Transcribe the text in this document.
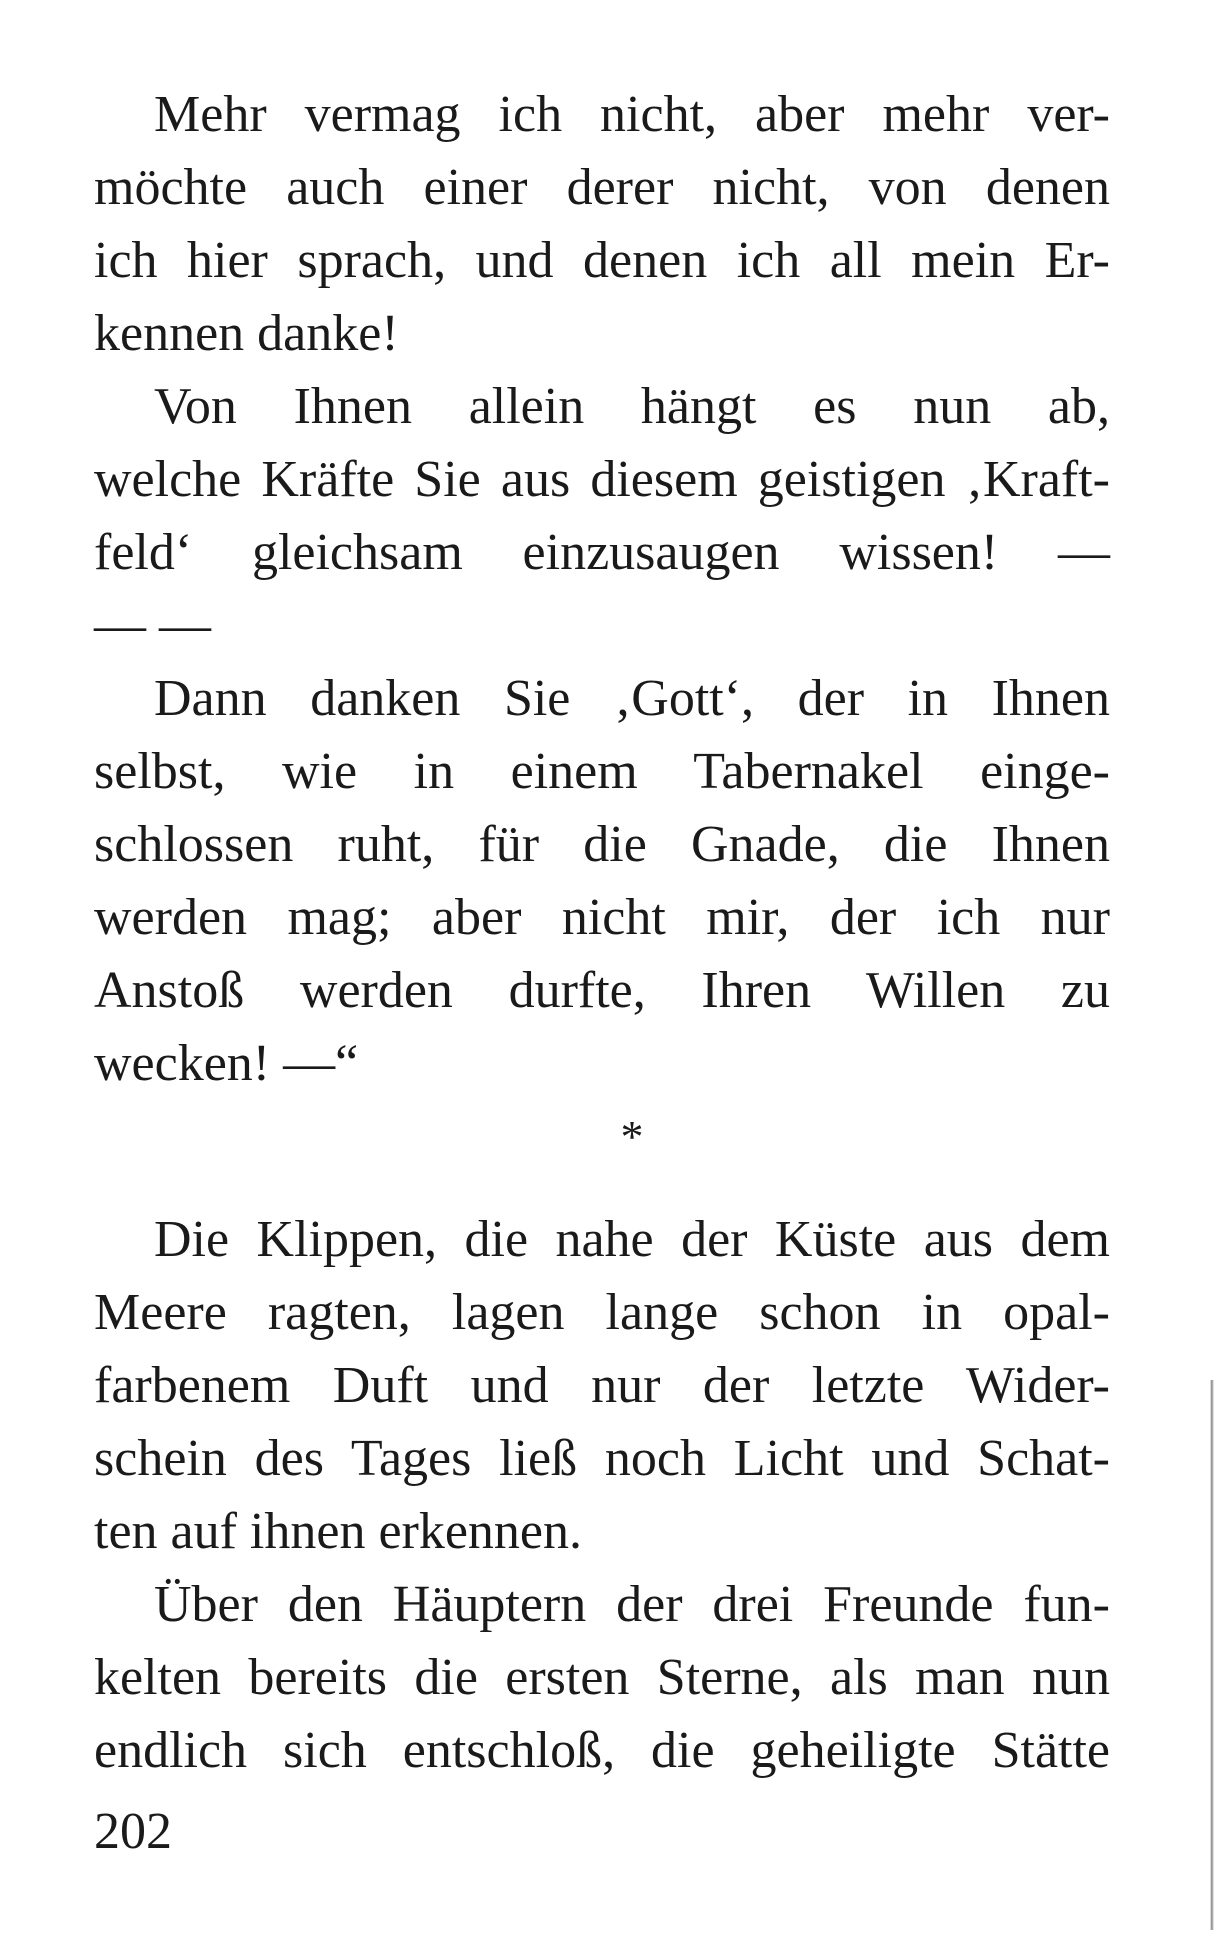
Mehr vermag ich nicht, aber mehr ver-
möchte auch einer derer nicht, von denen
ich hier sprach, und denen ich all mein Er-
kennen danke!
Von Ihnen allein hängt es nun ab,
welche Kräfte Sie aus diesem geistigen ‚Kraft-
feld‘ gleichsam einzusaugen wissen! —
— —
Dann danken Sie ‚Gott‘, der in Ihnen
selbst, wie in einem Tabernakel einge-
schlossen ruht, für die Gnade, die Ihnen
werden mag; aber nicht mir, der ich nur
Anstoß werden durfte, Ihren Willen zu
wecken! —“
*
Die Klippen, die nahe der Küste aus dem
Meere ragten, lagen lange schon in opal-
farbenem Duft und nur der letzte Wider-
schein des Tages ließ noch Licht und Schat-
ten auf ihnen erkennen.
Über den Häuptern der drei Freunde fun-
kelten bereits die ersten Sterne, als man nun
endlich sich entschloß, die geheiligte Stätte
202
